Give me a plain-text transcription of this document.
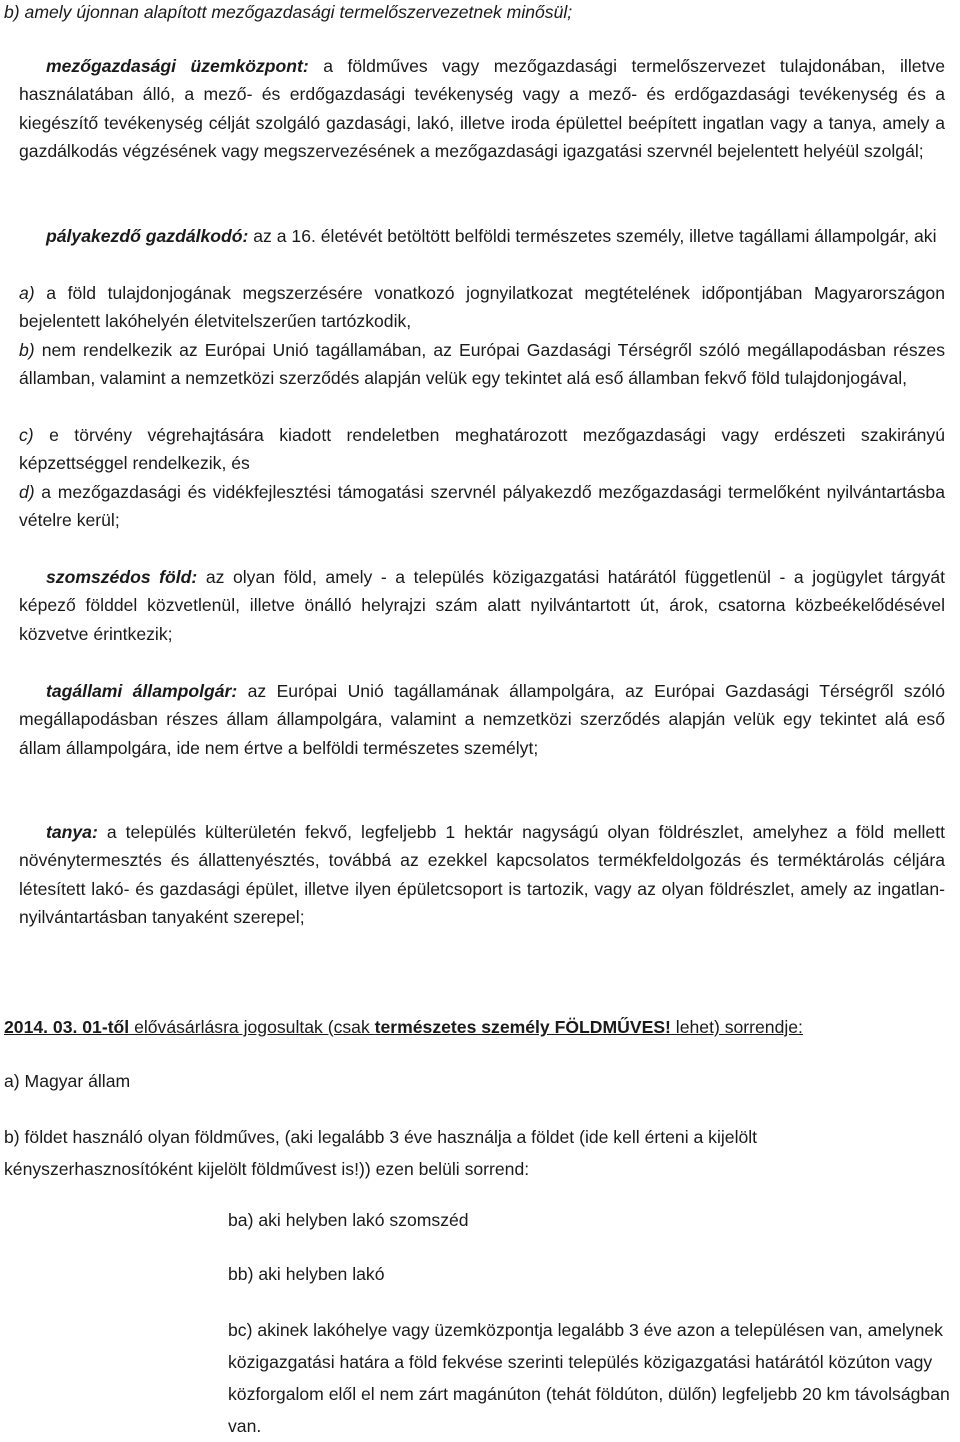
b) amely újonnan alapított mezőgazdasági termelőszervezetnek minősül;

mezőgazdasági üzemközpont: a földműves vagy mezőgazdasági termelőszervezet tulajdonában, illetve használatában álló, a mező- és erdőgazdasági tevékenység vagy a mező- és erdőgazdasági tevékenység és a kiegészítő tevékenység célját szolgáló gazdasági, lakó, illetve iroda épülettel beépített ingatlan vagy a tanya, amely a gazdálkodás végzésének vagy megszervezésének a mezőgazdasági igazgatási szervnél bejelentett helyéül szolgál;

pályakezdő gazdálkodó: az a 16. életévét betöltött belföldi természetes személy, illetve tagállami állampolgár, aki

a) a föld tulajdonjogának megszerzésére vonatkozó jognyilatkozat megtételének időpontjában Magyarországon bejelentett lakóhelyén életvitelszerűen tartózkodik,

b) nem rendelkezik az Európai Unió tagállamában, az Európai Gazdasági Térségről szóló megállapodásban részes államban, valamint a nemzetközi szerződés alapján velük egy tekintet alá eső államban fekvő föld tulajdonjogával,

c) e törvény végrehajtására kiadott rendeletben meghatározott mezőgazdasági vagy erdészeti szakirányú képzettséggel rendelkezik, és

d) a mezőgazdasági és vidékfejlesztési támogatási szervnél pályakezdő mezőgazdasági termelőként nyilvántartásba vételre kerül;

szomszédos föld: az olyan föld, amely - a település közigazgatási határától függetlenül - a jogügylet tárgyát képező földdel közvetlenül, illetve önálló helyrajzi szám alatt nyilvántartott út, árok, csatorna közbeékelődésével közvetve érintkezik;

tagállami állampolgár: az Európai Unió tagállamának állampolgára, az Európai Gazdasági Térségről szóló megállapodásban részes állam állampolgára, valamint a nemzetközi szerződés alapján velük egy tekintet alá eső állam állampolgára, ide nem értve a belföldi természetes személyt;

tanya: a település külterületén fekvő, legfeljebb 1 hektár nagyságú olyan földrészlet, amelyhez a föld mellett növénytermesztés és állattenyésztés, továbbá az ezekkel kapcsolatos termékfeldolgozás és terméktárolás céljára létesített lakó- és gazdasági épület, illetve ilyen épületcsoport is tartozik, vagy az olyan földrészlet, amely az ingatlan-nyilvántartásban tanyaként szerepel;

2014. 03. 01-től elővásárlásra jogosultak (csak természetes személy FÖLDMŰVES! lehet) sorrendje:

a) Magyar állam

b) földet használó olyan földműves, (aki legalább 3 éve használja a földet (ide kell érteni a kijelölt kényszerhasznosítóként kijelölt földművest is!)) ezen belüli sorrend:

ba) aki helyben lakó szomszéd

bb) aki helyben lakó

bc) akinek lakóhelye vagy üzemközpontja legalább 3 éve azon a településen van, amelynek közigazgatási határa a föld fekvése szerinti település közigazgatási határától közúton vagy közforgalom elől el nem zárt magánúton (tehát földúton, dülőn) legfeljebb 20 km távolságban van.
